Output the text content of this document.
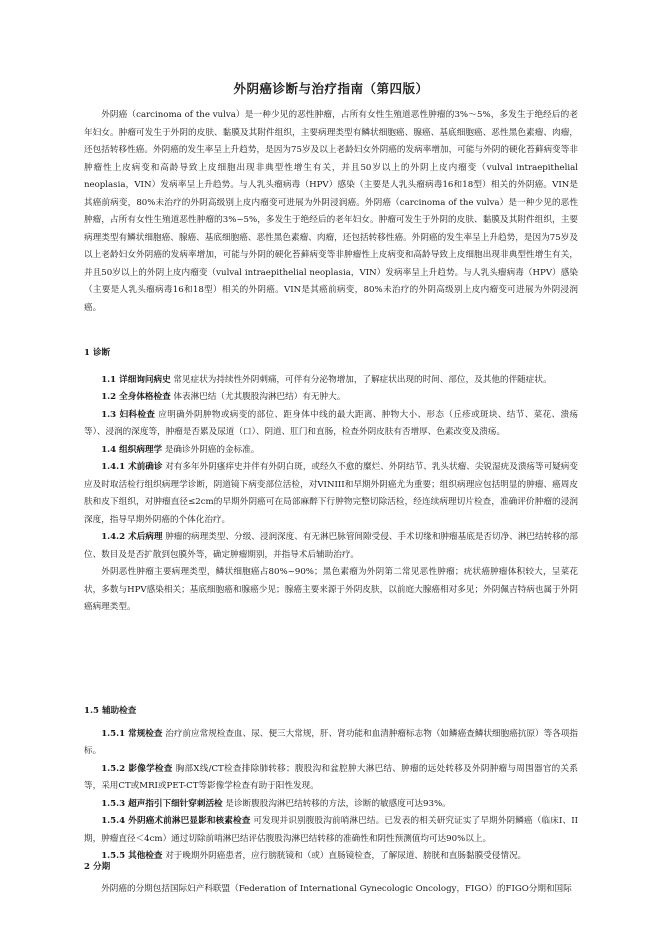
外阴癌诊断与治疗指南（第四版）

外阴癌（carcinoma of the vulva）是一种少见的恶性肿瘤，占所有女性生殖道恶性肿瘤的3%～5%，多发生于绝经后的老年妇女。肿瘤可发生于外阴的皮肤、黏膜及其附件组织，主要病理类型有鳞状细胞癌、腺癌、基底细胞癌、恶性黑色素瘤、肉瘤，还包括转移性癌。外阴癌的发生率呈上升趋势，是因为75岁及以上老龄妇女外阴癌的发病率增加，可能与外阴的硬化苔藓病变等非肿瘤性上皮病变和高龄导致上皮细胞出现非典型性增生有关，并且50岁以上的外阴上皮内瘤变（vulval intraepithelial neoplasia，VIN）发病率呈上升趋势。与人乳头瘤病毒（HPV）感染（主要是人乳头瘤病毒16和18型）相关的外阴癌。VIN是其癌前病变，80%未治疗的外阴高级别上皮内瘤变可进展为外阴浸润癌。外阴癌（carcinoma of the vulva）是一种少见的恶性肿瘤，占所有女性生殖道恶性肿瘤的3%~5%，多发生于绝经后的老年妇女。肿瘤可发生于外阴的皮肤、黏膜及其附件组织，主要病理类型有鳞状细胞癌、腺癌、基底细胞癌、恶性黑色素瘤、肉瘤，还包括转移性癌。外阴癌的发生率呈上升趋势，是因为75岁及以上老龄妇女外阴癌的发病率增加，可能与外阴的硬化苔藓病变等非肿瘤性上皮病变和高龄导致上皮细胞出现非典型性增生有关，并且50岁以上的外阴上皮内瘤变（vulval intraepithelial neoplasia，VIN）发病率呈上升趋势。与人乳头瘤病毒（HPV）感染（主要是人乳头瘤病毒16和18型）相关的外阴癌。VIN是其癌前病变，80%未治疗的外阴高级别上皮内瘤变可进展为外阴浸润癌。

1 诊断

1.1 详细询问病史 常见症状为持续性外阴刺痛，可伴有分泌物增加，了解症状出现的时间、部位，及其他的伴随症状。

1.2 全身体格检查 体表淋巴结（尤其腹股沟淋巴结）有无肿大。

1.3 妇科检查 应明确外阴肿物或病变的部位、距身体中线的最大距离、肿物大小、形态（丘疹或斑块、结节、菜花、溃疡等）、浸润的深度等，肿瘤是否累及尿道（口）、阴道、肛门和直肠，检查外阴皮肤有否增厚、色素改变及溃疡。

1.4 组织病理学 是确诊外阴癌的金标准。

1.4.1 术前确诊 对有多年外阴瘙痒史并伴有外阴白斑，或经久不愈的糜烂、外阴结节、乳头状瘤、尖锐湿疣及溃疡等可疑病变应及时取活检行组织病理学诊断，阴道镜下病变部位活检，对VINIII和早期外阴癌尤为重要；组织病理应包括明显的肿瘤、癌周皮肤和皮下组织，对肿瘤直径≤2cm的早期外阴癌可在局部麻醉下行肿物完整切除活检，经连续病理切片检查，准确评价肿瘤的浸润深度，指导早期外阴癌的个体化治疗。

1.4.2 术后病理 肿瘤的病理类型、分级、浸润深度、有无淋巴脉管间隙受侵、手术切缘和肿瘤基底是否切净、淋巴结转移的部位、数目及是否扩散到包膜外等，确定肿瘤期别，并指导术后辅助治疗。

外阴恶性肿瘤主要病理类型，鳞状细胞癌占80%~90%；黑色素瘤为外阴第二常见恶性肿瘤；疣状癌肿瘤体积较大，呈菜花状，多数与HPV感染相关；基底细胞癌和腺癌少见；腺癌主要来源于外阴皮肤，以前庭大腺癌相对多见；外阴佩吉特病也属于外阴癌病理类型。

1.5 辅助检查

1.5.1 常规检查 治疗前应常规检查血、尿、便三大常规，肝、肾功能和血清肿瘤标志物（如鳞癌查鳞状细胞癌抗原）等各项指标。

1.5.2 影像学检查 胸部X线/CT检查排除肺转移；腹股沟和盆腔肿大淋巴结、肿瘤的远处转移及外阴肿瘤与周围器官的关系等，采用CT或MRI或PET-CT等影像学检查有助于阳性发现。

1.5.3 超声指引下细针穿刺活检 是诊断腹股沟淋巴结转移的方法，诊断的敏感度可达93%。

1.5.4 外阴癌术前淋巴显影和核素检查 可发现并识别腹股沟前哨淋巴结。已发表的相关研究证实了早期外阴鳞癌（临床I、II期，肿瘤直径＜4cm）通过切除前哨淋巴结评估腹股沟淋巴结转移的准确性和阴性预测值均可达90%以上。

1.5.5 其他检查 对于晚期外阴癌患者，应行膀胱镜和（或）直肠镜检查，了解尿道、膀胱和直肠黏膜受侵情况。

2 分期

外阴癌的分期包括国际妇产科联盟（Federation of International Gynecologic Oncology，FIGO）的FIGO分期和国际
